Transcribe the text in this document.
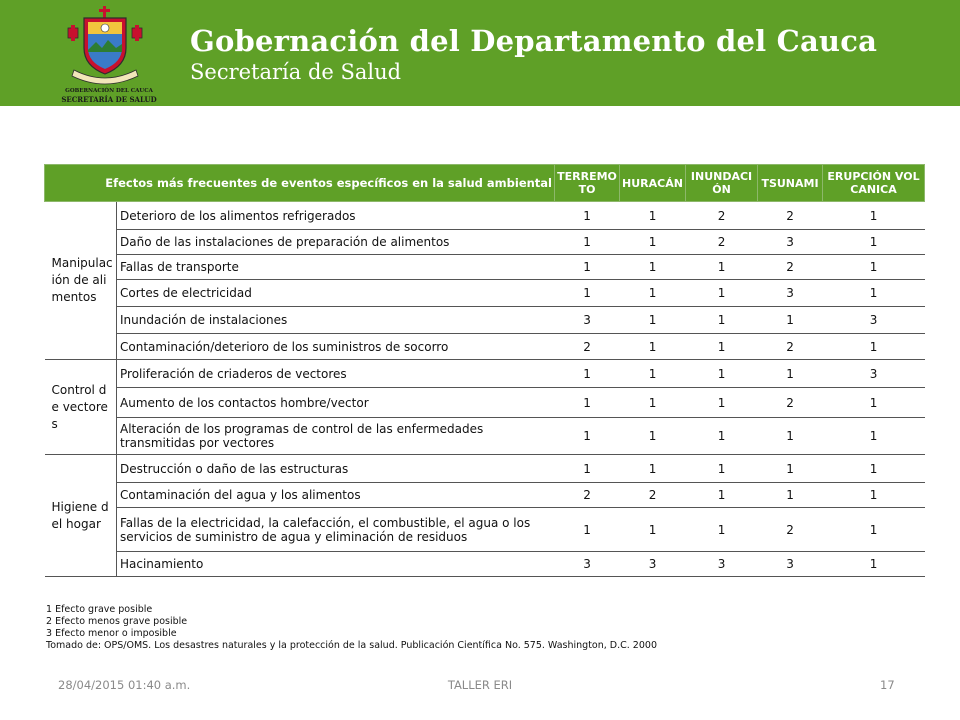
GOBERNACIÓN DEL CAUCA
SECRETARÍA DE SALUD
Gobernación del Departamento del Cauca
Secretaría de Salud
Efectos más frecuentes de eventos específicos en la salud ambiental		TERREMOTO	HURACÁN	INUNDACIÓN	TSUNAMI	ERUPCIÓN VOLCANICA
Manipulación de alimentos	Deterioro de los alimentos refrigerados	1	1	2	2	1
	Daño de las instalaciones de preparación de alimentos	1	1	2	3	1
	Fallas de transporte	1	1	1	2	1
	Cortes de electricidad	1	1	1	3	1
	Inundación de instalaciones	3	1	1	1	3
	Contaminación/deterioro de los suministros de socorro	2	1	1	2	1
Control de vectores	Proliferación de criaderos de vectores	1	1	1	1	3
	Aumento de los contactos hombre/vector	1	1	1	2	1
	Alteración de los programas de control de las enfermedades transmitidas por vectores	1	1	1	1	1
Higiene del hogar	Destrucción o daño de las estructuras	1	1	1	1	1
	Contaminación del agua y los alimentos	2	2	1	1	1
	Fallas de la electricidad, la calefacción, el combustible, el agua o los servicios de suministro de agua y eliminación de residuos	1	1	1	2	1
	Hacinamiento	3	3	3	3	1
1 Efecto grave posible
2 Efecto menos grave posible
3 Efecto menor o imposible
Tomado de: OPS/OMS. Los desastres naturales y la protección de la salud. Publicación Científica No. 575. Washington, D.C. 2000
28/04/2015 01:40 a.m.	TALLER ERI	17
